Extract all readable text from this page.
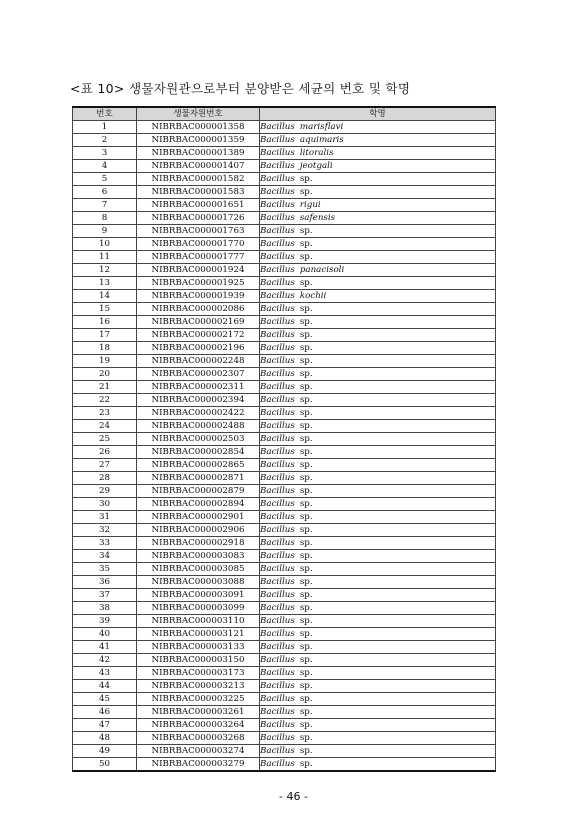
<표 10> 생물자원관으로부터 분양받은 세균의 번호 및 학명
번호	생물자원번호	학명
1	NIBRBAC000001358	Bacillus marisflavi
2	NIBRBAC000001359	Bacillus aquimaris
3	NIBRBAC000001389	Bacillus litoralis
4	NIBRBAC000001407	Bacillus jeotgali
5	NIBRBAC000001582	Bacillus sp.
6	NIBRBAC000001583	Bacillus sp.
7	NIBRBAC000001651	Bacillus rigui
8	NIBRBAC000001726	Bacillus safensis
9	NIBRBAC000001763	Bacillus sp.
10	NIBRBAC000001770	Bacillus sp.
11	NIBRBAC000001777	Bacillus sp.
12	NIBRBAC000001924	Bacillus panacisoli
13	NIBRBAC000001925	Bacillus sp.
14	NIBRBAC000001939	Bacillus kochii
15	NIBRBAC000002086	Bacillus sp.
16	NIBRBAC000002169	Bacillus sp.
17	NIBRBAC000002172	Bacillus sp.
18	NIBRBAC000002196	Bacillus sp.
19	NIBRBAC000002248	Bacillus sp.
20	NIBRBAC000002307	Bacillus sp.
21	NIBRBAC000002311	Bacillus sp.
22	NIBRBAC000002394	Bacillus sp.
23	NIBRBAC000002422	Bacillus sp.
24	NIBRBAC000002488	Bacillus sp.
25	NIBRBAC000002503	Bacillus sp.
26	NIBRBAC000002854	Bacillus sp.
27	NIBRBAC000002865	Bacillus sp.
28	NIBRBAC000002871	Bacillus sp.
29	NIBRBAC000002879	Bacillus sp.
30	NIBRBAC000002894	Bacillus sp.
31	NIBRBAC000002901	Bacillus sp.
32	NIBRBAC000002906	Bacillus sp.
33	NIBRBAC000002918	Bacillus sp.
34	NIBRBAC000003083	Bacillus sp.
35	NIBRBAC000003085	Bacillus sp.
36	NIBRBAC000003088	Bacillus sp.
37	NIBRBAC000003091	Bacillus sp.
38	NIBRBAC000003099	Bacillus sp.
39	NIBRBAC000003110	Bacillus sp.
40	NIBRBAC000003121	Bacillus sp.
41	NIBRBAC000003133	Bacillus sp.
42	NIBRBAC000003150	Bacillus sp.
43	NIBRBAC000003173	Bacillus sp.
44	NIBRBAC000003213	Bacillus sp.
45	NIBRBAC000003225	Bacillus sp.
46	NIBRBAC000003261	Bacillus sp.
47	NIBRBAC000003264	Bacillus sp.
48	NIBRBAC000003268	Bacillus sp.
49	NIBRBAC000003274	Bacillus sp.
50	NIBRBAC000003279	Bacillus sp.
- 46 -
